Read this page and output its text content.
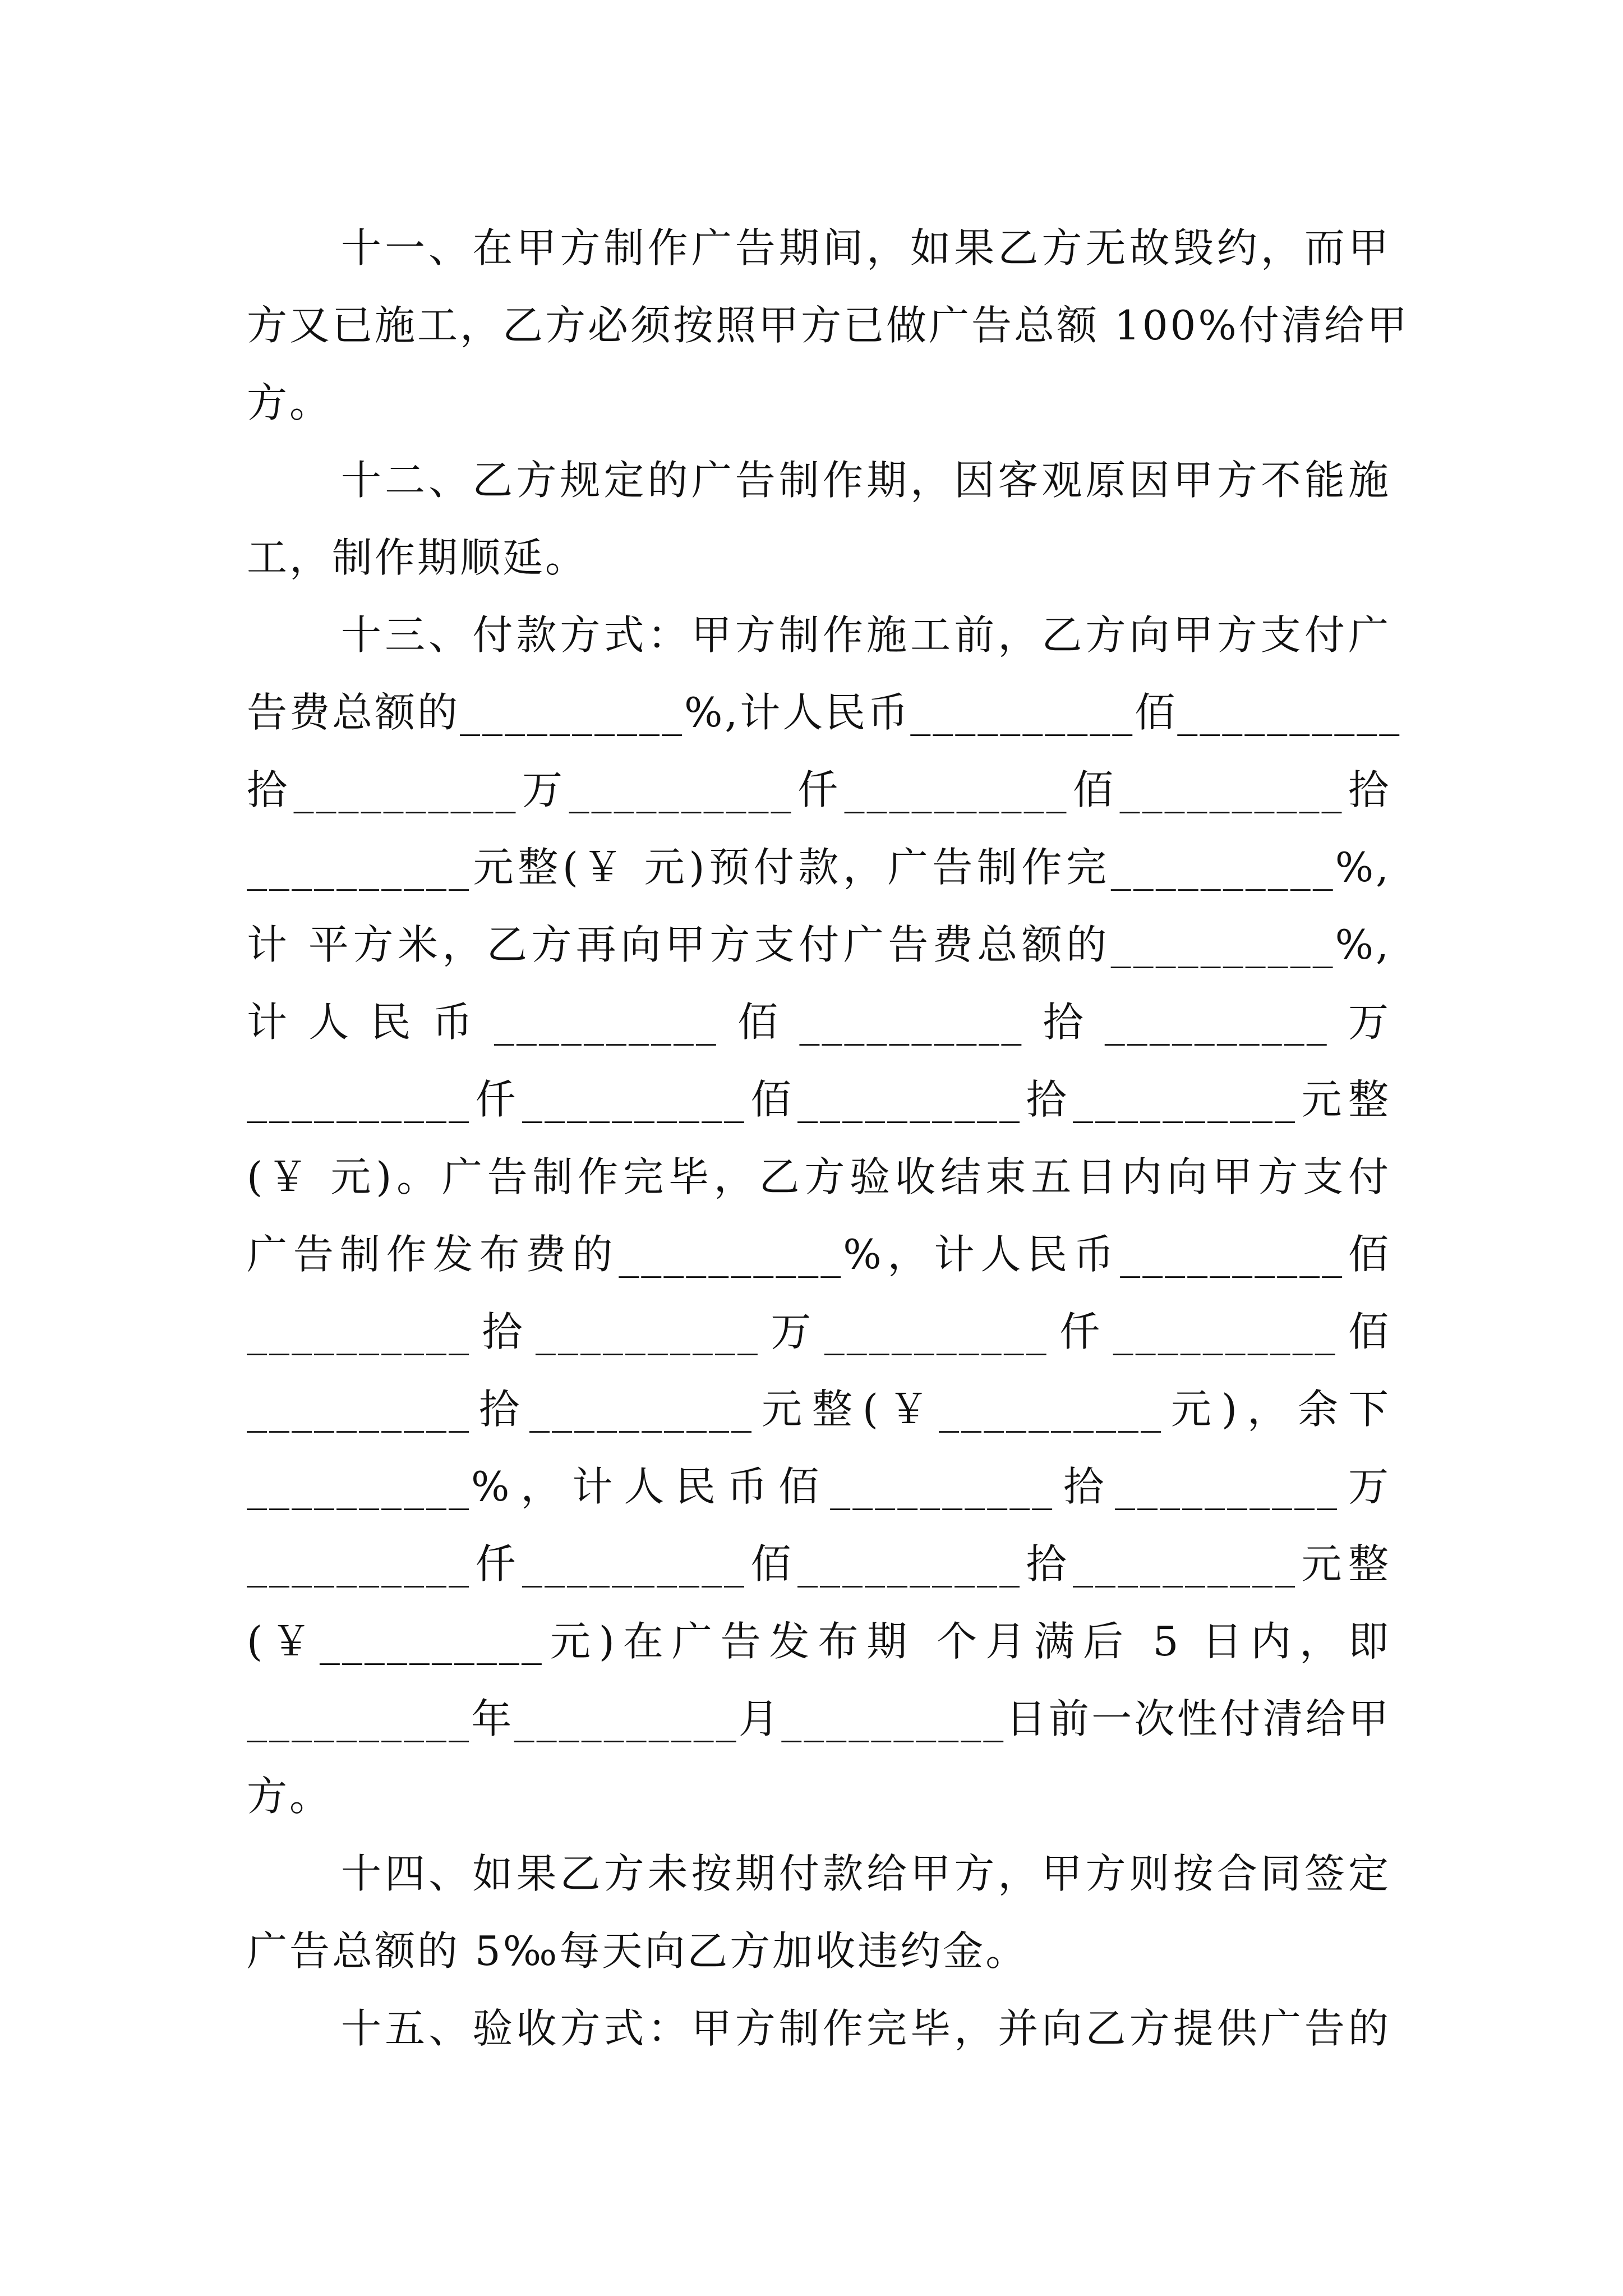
十一、在甲方制作广告期间，如果乙方无故毁约，而甲
方又已施工，乙方必须按照甲方已做广告总额 100%付清给甲
方。
十二、乙方规定的广告制作期，因客观原因甲方不能施
工，制作期顺延。
十三、付款方式：甲方制作施工前，乙方向甲方支付广
告费总额的__________%,计人民币__________佰__________
拾__________万__________仟__________佰__________拾
__________元整(￥ 元)预付款，广告制作完__________%,
计 平方米，乙方再向甲方支付广告费总额的__________%,
计人民币__________佰__________拾__________万
__________仟__________佰__________拾__________元整
(￥ 元)。广告制作完毕，乙方验收结束五日内向甲方支付
广告制作发布费的__________%，计人民币__________佰
__________拾__________万__________仟__________佰
__________拾__________元整(￥__________元)，余下
__________%，计人民币佰__________拾__________万
__________仟__________佰__________拾__________元整
(￥__________元)在广告发布期 个月满后 5 日内，即
__________年__________月__________日前一次性付清给甲
方。
十四、如果乙方未按期付款给甲方，甲方则按合同签定
广告总额的 5‰每天向乙方加收违约金。
十五、验收方式：甲方制作完毕，并向乙方提供广告的
